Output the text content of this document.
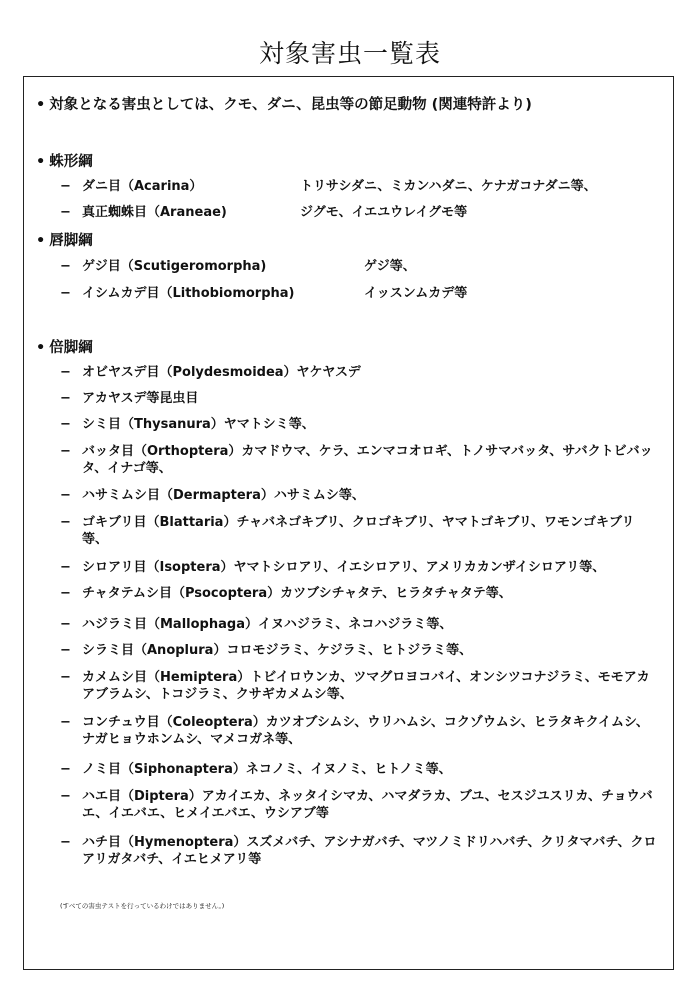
対象害虫一覧表
• 対象となる害虫としては、クモ、ダニ、昆虫等の節足動物 (関連特許より)
• 蛛形綱
− ダニ目（Acarina）	トリサシダニ、ミカンハダニ、ケナガコナダニ等、
− 真正蜘蛛目（Araneae)	ジグモ、イエユウレイグモ等
• 唇脚綱
− ゲジ目（Scutigeromorpha)	ゲジ等、
− イシムカデ目（Lithobiomorpha)	イッスンムカデ等
• 倍脚綱
− オビヤスデ目（Polydesmoidea）ヤケヤスデ
− アカヤスデ等昆虫目
− シミ目（Thysanura）ヤマトシミ等、
− バッタ目（Orthoptera）カマドウマ、ケラ、エンマコオロギ、トノサマバッタ、サバクトビバッタ、イナゴ等、
− ハサミムシ目（Dermaptera）ハサミムシ等、
− ゴキブリ目（Blattaria）チャバネゴキブリ、クロゴキブリ、ヤマトゴキブリ、ワモンゴキブリ等、
− シロアリ目（Isoptera）ヤマトシロアリ、イエシロアリ、アメリカカンザイシロアリ等、
− チャタテムシ目（Psocoptera）カツブシチャタテ、ヒラタチャタテ等、
− ハジラミ目（Mallophaga）イヌハジラミ、ネコハジラミ等、
− シラミ目（Anoplura）コロモジラミ、ケジラミ、ヒトジラミ等、
− カメムシ目（Hemiptera）トビイロウンカ、ツマグロヨコバイ、オンシツコナジラミ、モモアカアブラムシ、トコジラミ、クサギカメムシ等、
− コンチュウ目（Coleoptera）カツオブシムシ、ウリハムシ、コクゾウムシ、ヒラタキクイムシ、ナガヒョウホンムシ、マメコガネ等、
− ノミ目（Siphonaptera）ネコノミ、イヌノミ、ヒトノミ等、
− ハエ目（Diptera）アカイエカ、ネッタイシマカ、ハマダラカ、ブユ、セスジユスリカ、チョウバエ、イエバエ、ヒメイエバエ、ウシアブ等
− ハチ目（Hymenoptera）スズメバチ、アシナガバチ、マツノミドリハバチ、クリタマバチ、クロアリガタバチ、イエヒメアリ等
(すべての害虫テストを行っているわけではありません。)
